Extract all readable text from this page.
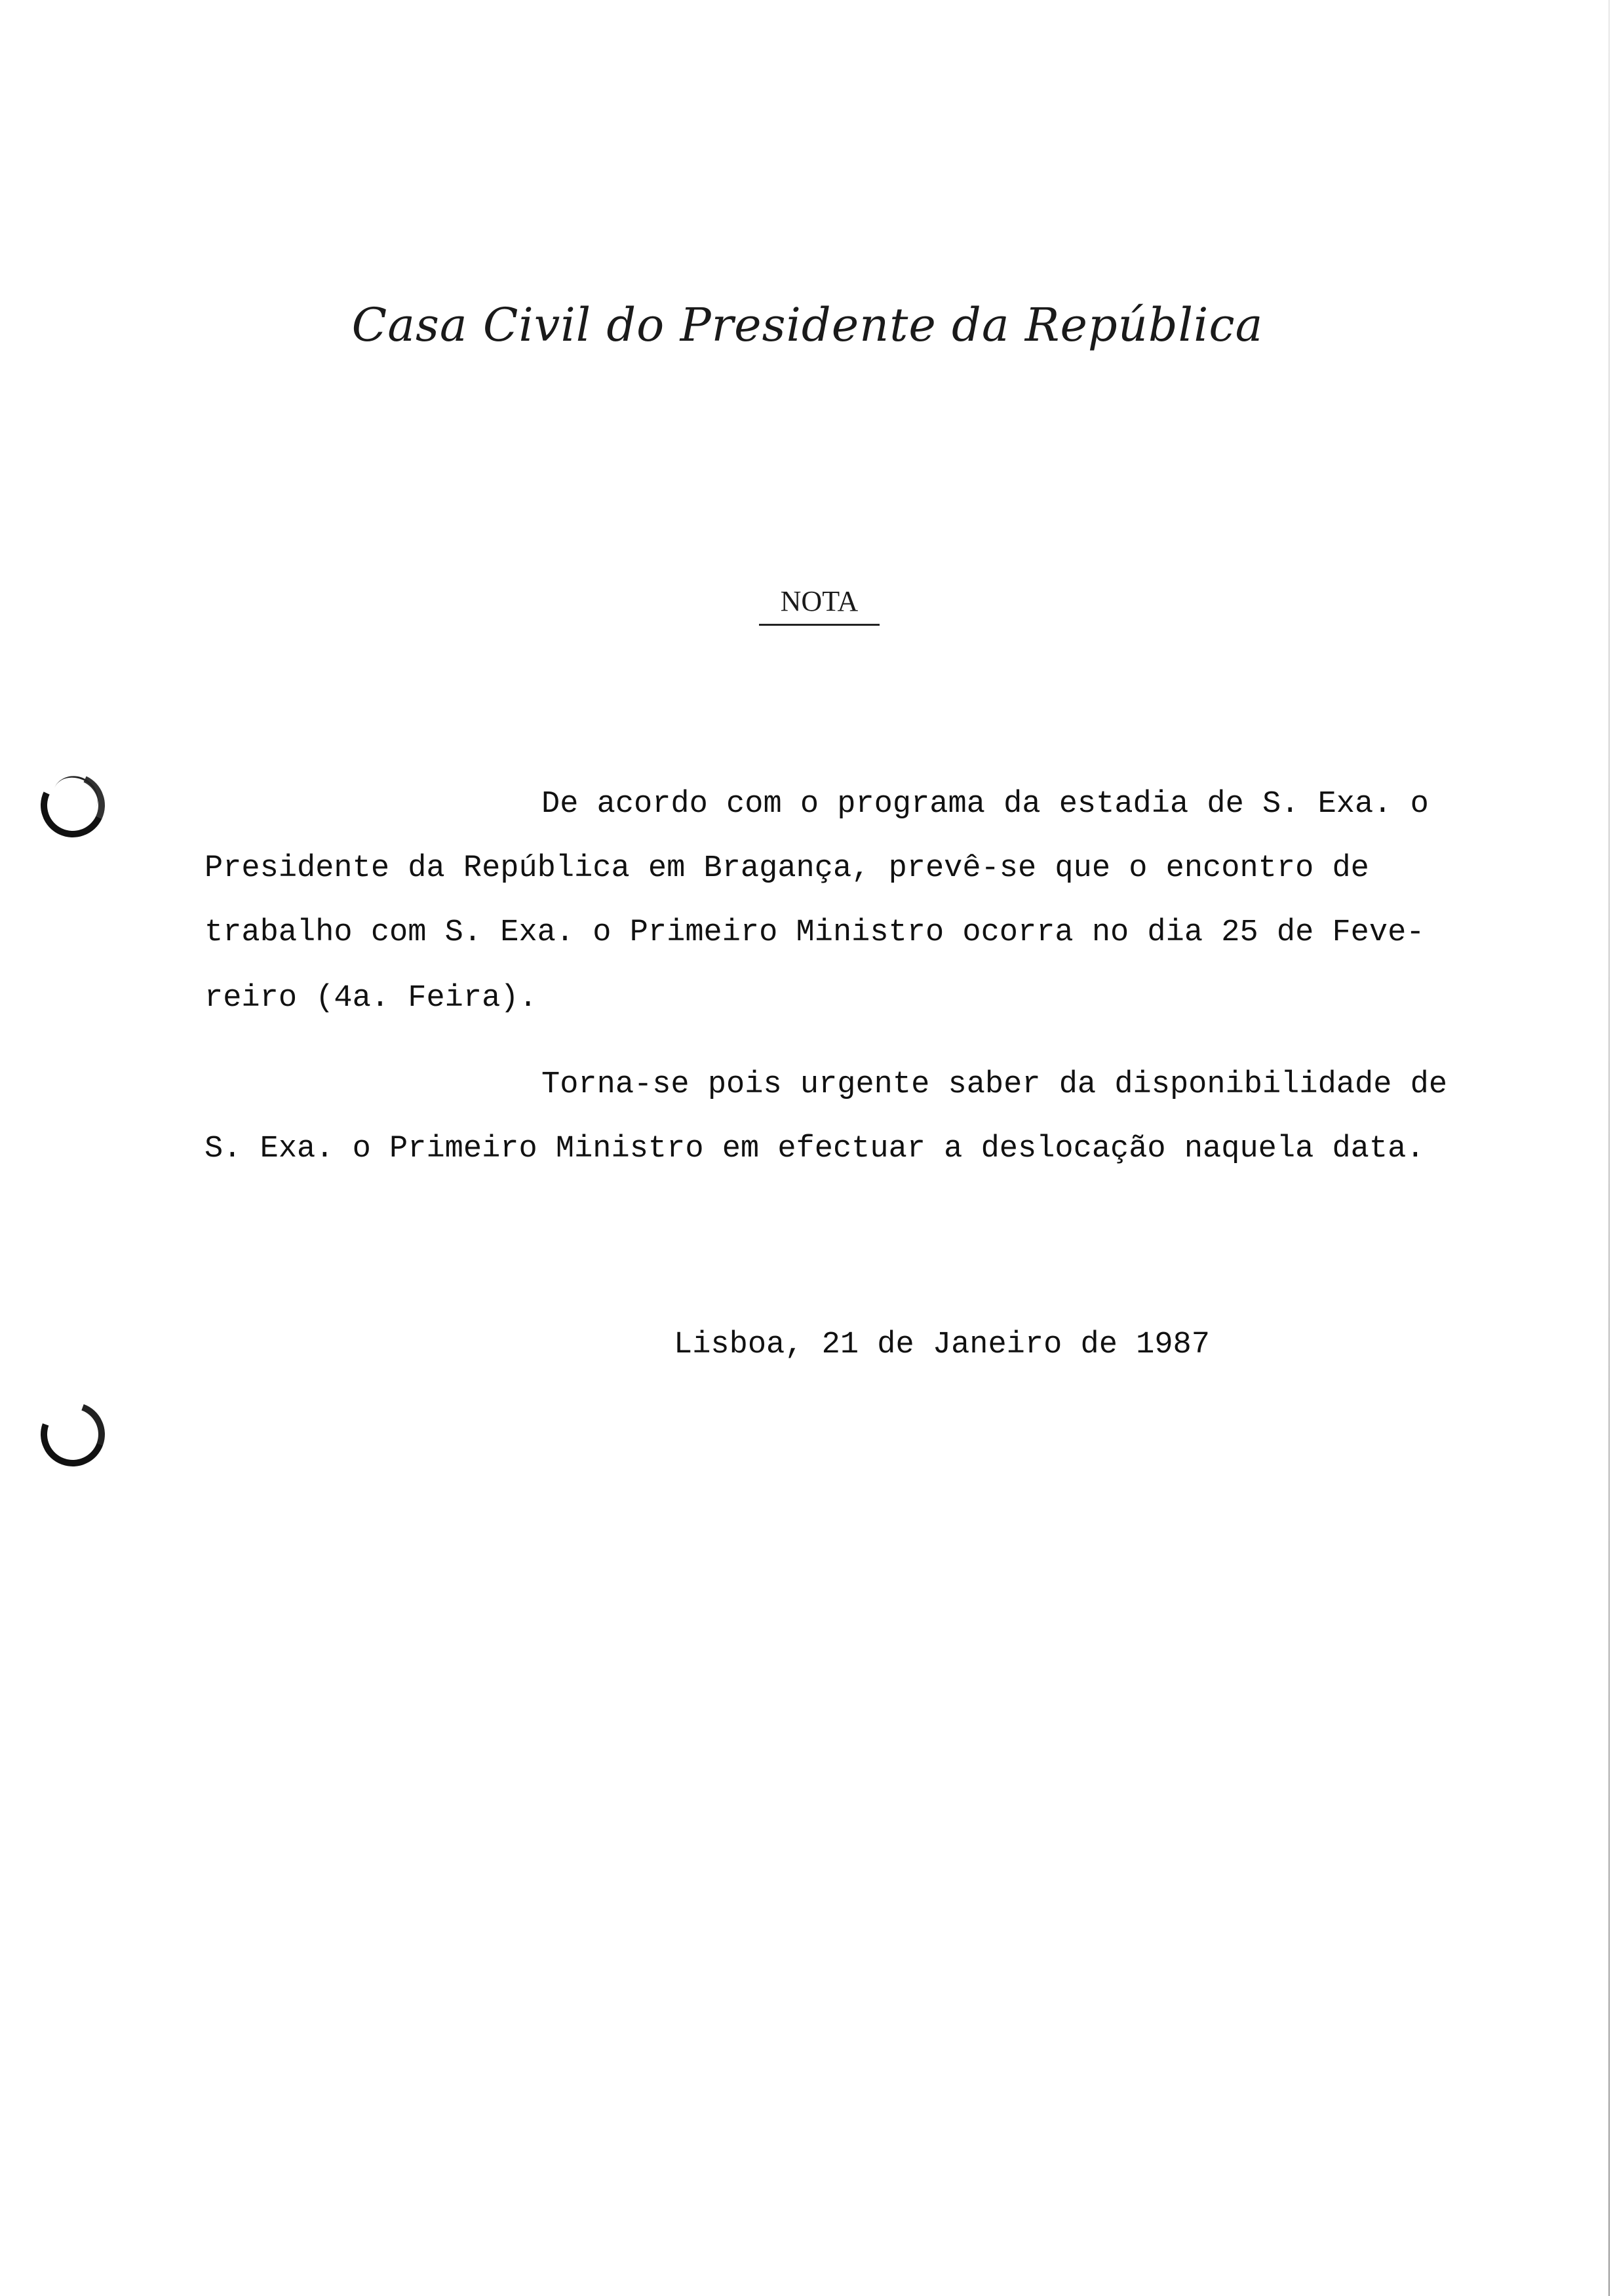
Casa Civil do Presidente da República
NOTA
De acordo com o programa da estadia de S. Exa. o
Presidente da República em Bragança, prevê-se que o encontro de
trabalho com S. Exa. o Primeiro Ministro ocorra no dia 25 de Feve-
reiro (4a. Feira).
Torna-se pois urgente saber da disponibilidade de
S. Exa. o Primeiro Ministro em efectuar a deslocação naquela data.
Lisboa, 21 de Janeiro de 1987
